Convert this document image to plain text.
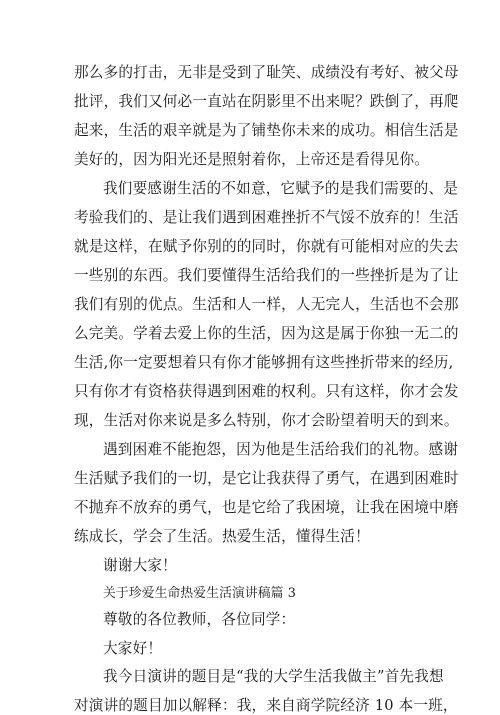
那么多的打击，无非是受到了耻笑、成绩没有考好、被父母
批评，我们又何必一直站在阴影里不出来呢？跌倒了，再爬
起来，生活的艰辛就是为了铺垫你未来的成功。相信生活是
美好的，因为阳光还是照射着你，上帝还是看得见你。
我们要感谢生活的不如意，它赋予的是我们需要的、是
考验我们的、是让我们遇到困难挫折不气馁不放弃的！生活
就是这样，在赋予你别的的同时，你就有可能相对应的失去
一些别的东西。我们要懂得生活给我们的一些挫折是为了让
我们有别的优点。生活和人一样，人无完人，生活也不会那
么完美。学着去爱上你的生活，因为这是属于你独一无二的
生活,你一定要想着只有你才能够拥有这些挫折带来的经历,
只有你才有资格获得遇到困难的权利。只有这样，你才会发
现，生活对你来说是多么特别，你才会盼望着明天的到来。
遇到困难不能抱怨，因为他是生活给我们的礼物。感谢
生活赋予我们的一切，是它让我获得了勇气，在遇到困难时
不抛弃不放弃的勇气，也是它给了我困境，让我在困境中磨
练成长，学会了生活。热爱生活，懂得生活！
谢谢大家！
关于珍爱生命热爱生活演讲稿篇 3
尊敬的各位教师，各位同学：
大家好！
我今日演讲的题目是“我的大学生活我做主”首先我想
对演讲的题目加以解释：我，来自商学院经济 10 本一班，
